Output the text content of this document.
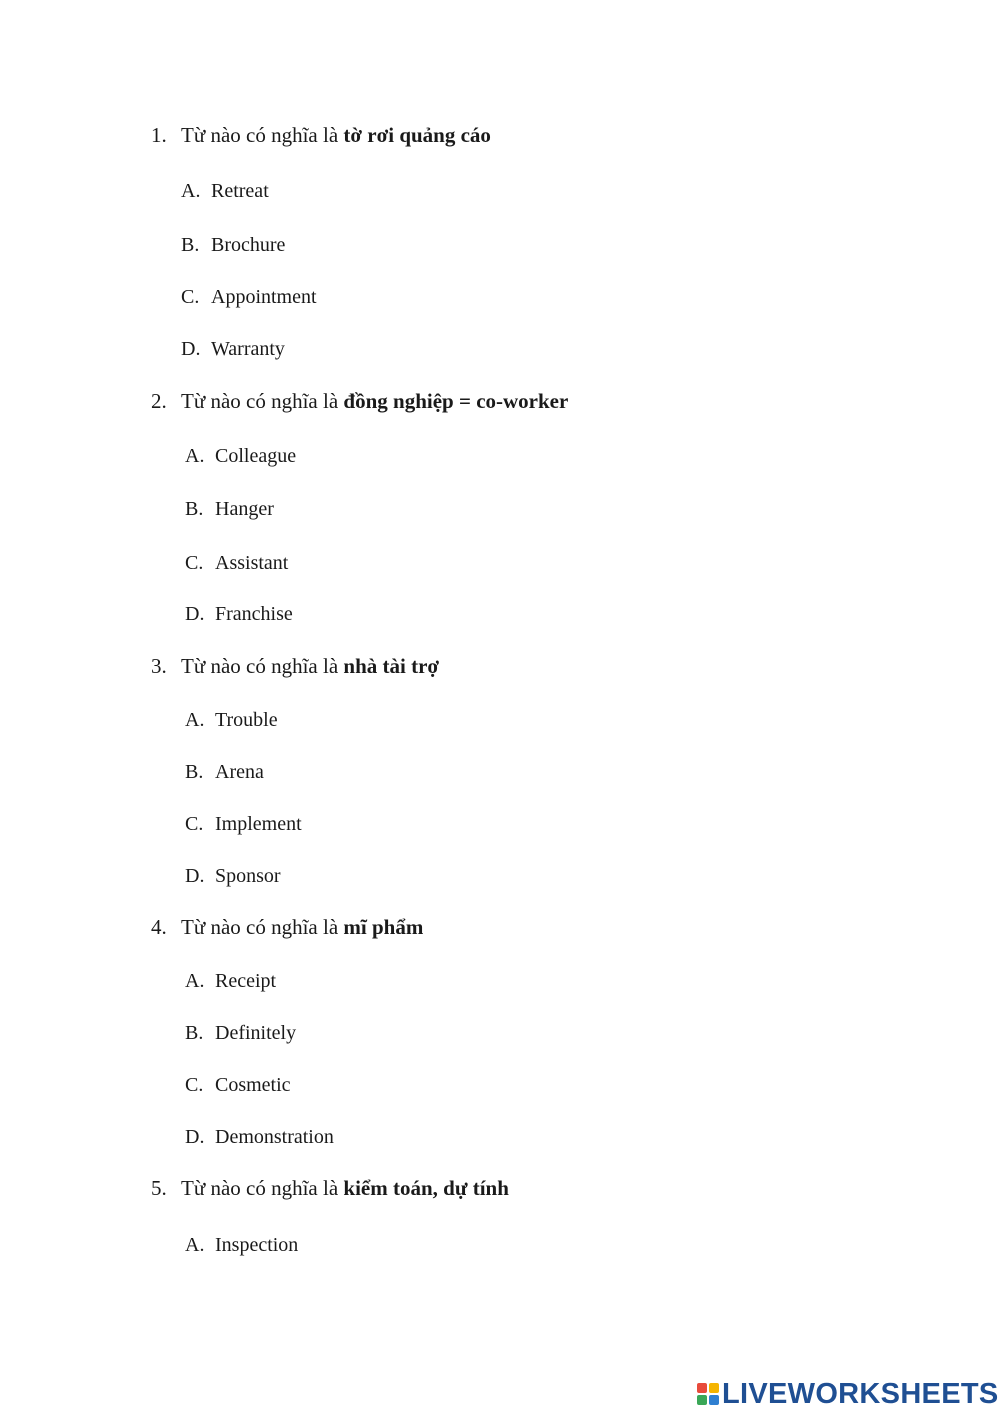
1. Từ nào có nghĩa là tờ rơi quảng cáo
A. Retreat
B. Brochure
C. Appointment
D. Warranty
2. Từ nào có nghĩa là đồng nghiệp = co-worker
A. Colleague
B. Hanger
C. Assistant
D. Franchise
3. Từ nào có nghĩa là nhà tài trợ
A. Trouble
B. Arena
C. Implement
D. Sponsor
4. Từ nào có nghĩa là mĩ phẩm
A. Receipt
B. Definitely
C. Cosmetic
D. Demonstration
5. Từ nào có nghĩa là kiểm toán, dự tính
A. Inspection
LIVEWORKSHEETS
